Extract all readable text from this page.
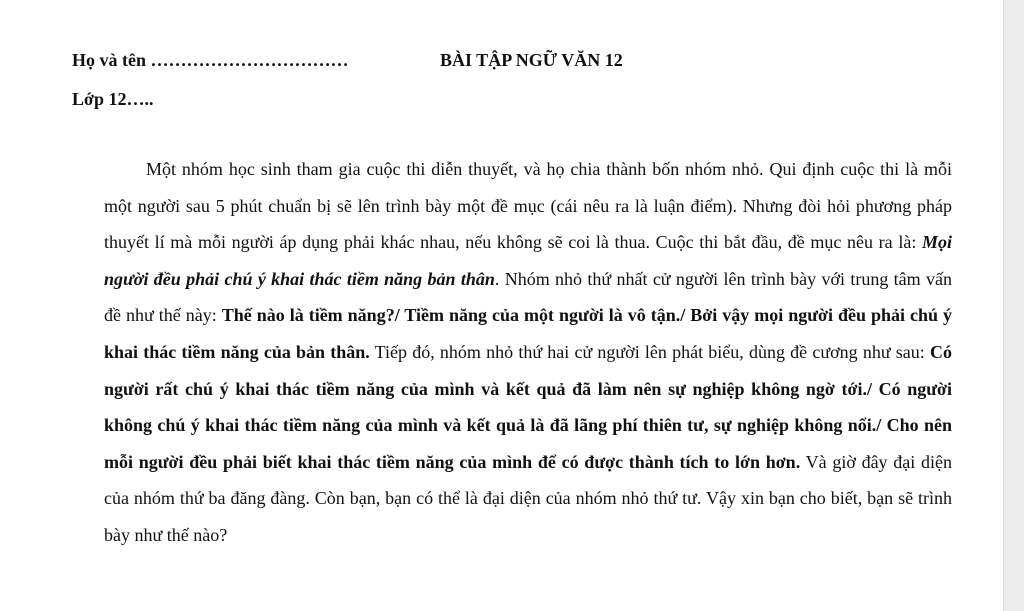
Họ và tên ……………………………	BÀI TẬP NGỮ VĂN 12
Lớp 12…..

Một nhóm học sinh tham gia cuộc thi diễn thuyết, và họ chia thành bốn nhóm nhỏ. Qui định cuộc thi là mỗi một người sau 5 phút chuẩn bị sẽ lên trình bày một đề mục (cái nêu ra là luận điểm). Nhưng đòi hỏi phương pháp thuyết lí mà mỗi người áp dụng phải khác nhau, nếu không sẽ coi là thua. Cuộc thi bắt đầu, đề mục nêu ra là: Mọi người đều phải chú ý khai thác tiềm năng bản thân. Nhóm nhỏ thứ nhất cử người lên trình bày với trung tâm vấn đề như thế này: Thế nào là tiềm năng?/ Tiềm năng của một người là vô tận./ Bởi vậy mọi người đều phải chú ý khai thác tiềm năng của bản thân. Tiếp đó, nhóm nhỏ thứ hai cử người lên phát biểu, dùng đề cương như sau: Có người rất chú ý khai thác tiềm năng của mình và kết quả đã làm nên sự nghiệp không ngờ tới./ Có người không chú ý khai thác tiềm năng của mình và kết quả là đã lãng phí thiên tư, sự nghiệp không nổi./ Cho nên mỗi người đều phải biết khai thác tiềm năng của mình để có được thành tích to lớn hơn. Và giờ đây đại diện của nhóm thứ ba đăng đàng. Còn bạn, bạn có thể là đại diện của nhóm nhỏ thứ tư. Vậy xin bạn cho biết, bạn sẽ trình bày như thế nào?
